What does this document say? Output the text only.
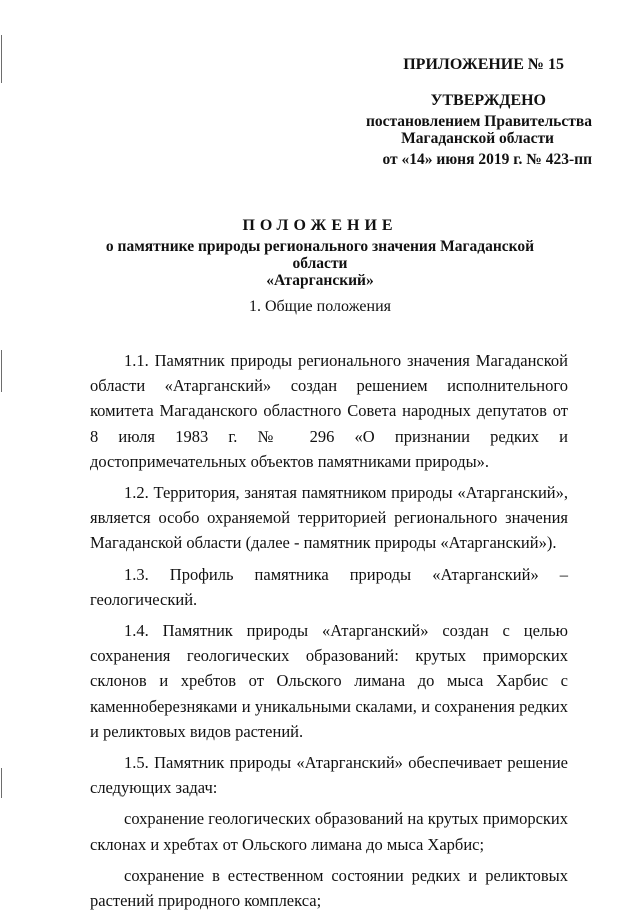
ПРИЛОЖЕНИЕ № 15
УТВЕРЖДЕНО
постановлением Правительства
Магаданской области
от «14» июня 2019 г. № 423-пп
ПОЛОЖЕНИЕ
о памятнике природы регионального значения Магаданской области
«Атарганский»
1. Общие положения

1.1. Памятник природы регионального значения Магаданской области «Атарганский» создан решением исполнительного комитета Магаданского областного Совета народных депутатов от 8 июля 1983 г. № 296 «О признании редких и достопримечательных объектов памятниками природы».

1.2. Территория, занятая памятником природы «Атарганский», является особо охраняемой территорией регионального значения Магаданской области (далее - памятник природы «Атарганский»).

1.3. Профиль памятника природы «Атарганский» – геологический.

1.4. Памятник природы «Атарганский» создан с целью сохранения геологических образований: крутых приморских склонов и хребтов от Ольского лимана до мыса Харбис с каменноберезняками и уникальными скалами, и сохранения редких и реликтовых видов растений.

1.5. Памятник природы «Атарганский» обеспечивает решение следующих задач:

сохранение геологических образований на крутых приморских склонах и хребтах от Ольского лимана до мыса Харбис;

сохранение в естественном состоянии редких и реликтовых растений природного комплекса;
